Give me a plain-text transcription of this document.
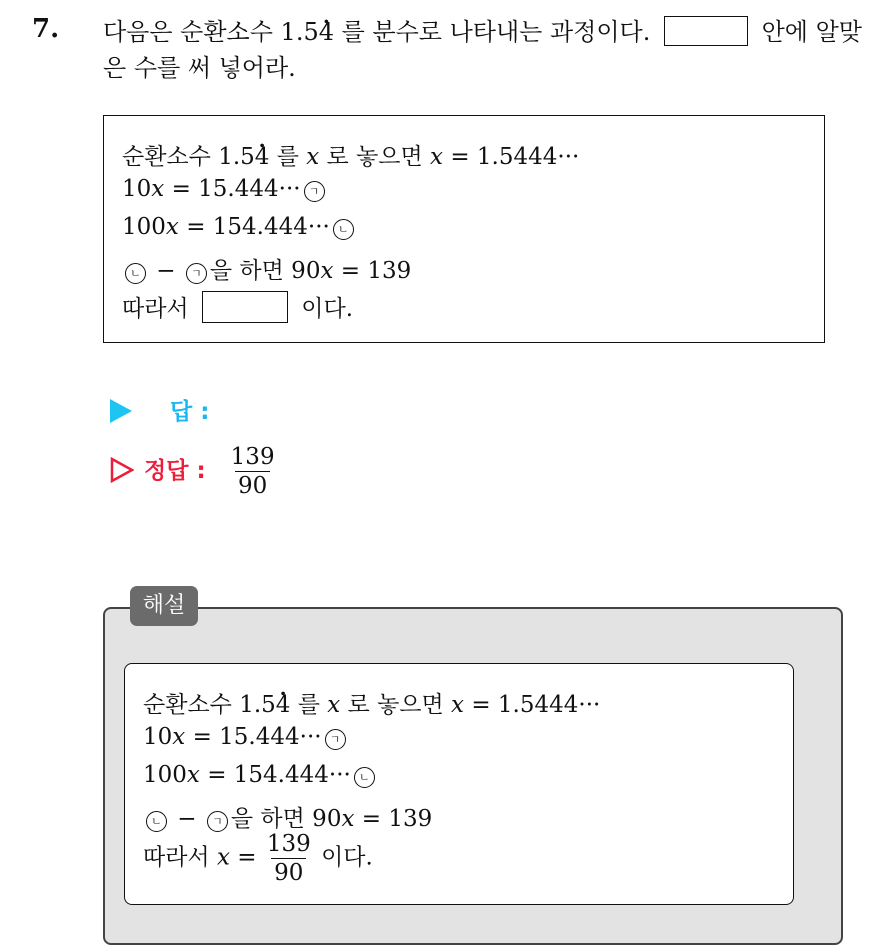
7. 다음은 순환소수 1.5. 4 를 분수로 나타내는 과정이다.	안에 알맞은 수를 써 넣어라.
순환소수 1.5. 4 를 x 로 놓으면 x = 1.5444···
10x = 15.444··· ㄱ
100x = 154.444··· ㄴ
ㄴ − ㄱ 을 하면 90x = 139
따라서	이다.
답 :
정답 : $\frac{139}{90}$
해설
순환소수 1.5. 4 를 x 로 놓으면 x = 1.5444···
10x = 15.444··· ㄱ
100x = 154.444··· ㄴ
ㄴ − ㄱ 을 하면 90x = 139
따라서 $x = \frac{139}{90}$ 이다.
